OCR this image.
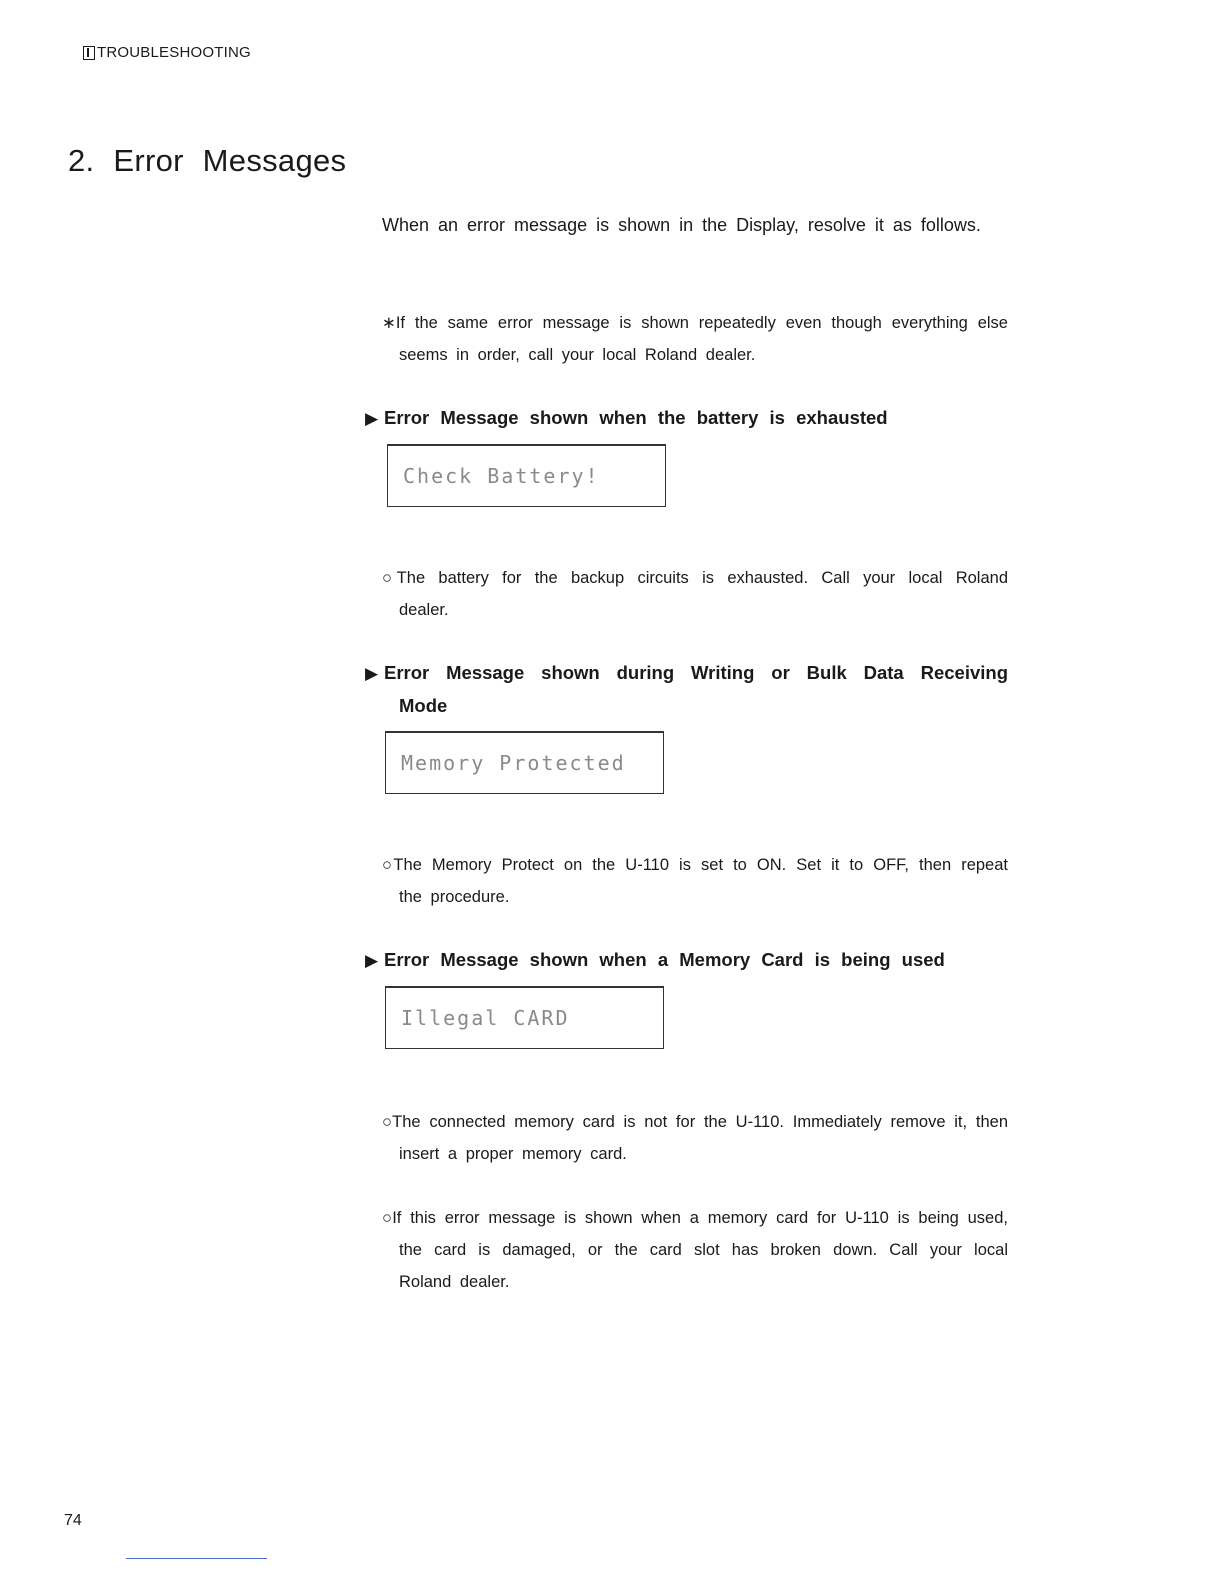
TROUBLESHOOTING
2. Error Messages
When an error message is shown in the Display, resolve it as follows.
∗If the same error message is shown repeatedly even though everything else seems in order, call your local Roland dealer.
▶ Error Message shown when the battery is exhausted
Check Battery!
○The battery for the backup circuits is exhausted. Call your local Roland dealer.
▶ Error Message shown during Writing or Bulk Data Receiving Mode
Memory Protected
○The Memory Protect on the U-110 is set to ON. Set it to OFF, then repeat the procedure.
▶ Error Message shown when a Memory Card is being used
Illegal CARD
○The connected memory card is not for the U-110. Immediately remove it, then insert a proper memory card.
○If this error message is shown when a memory card for U-110 is being used, the card is damaged, or the card slot has broken down. Call your local Roland dealer.
74
